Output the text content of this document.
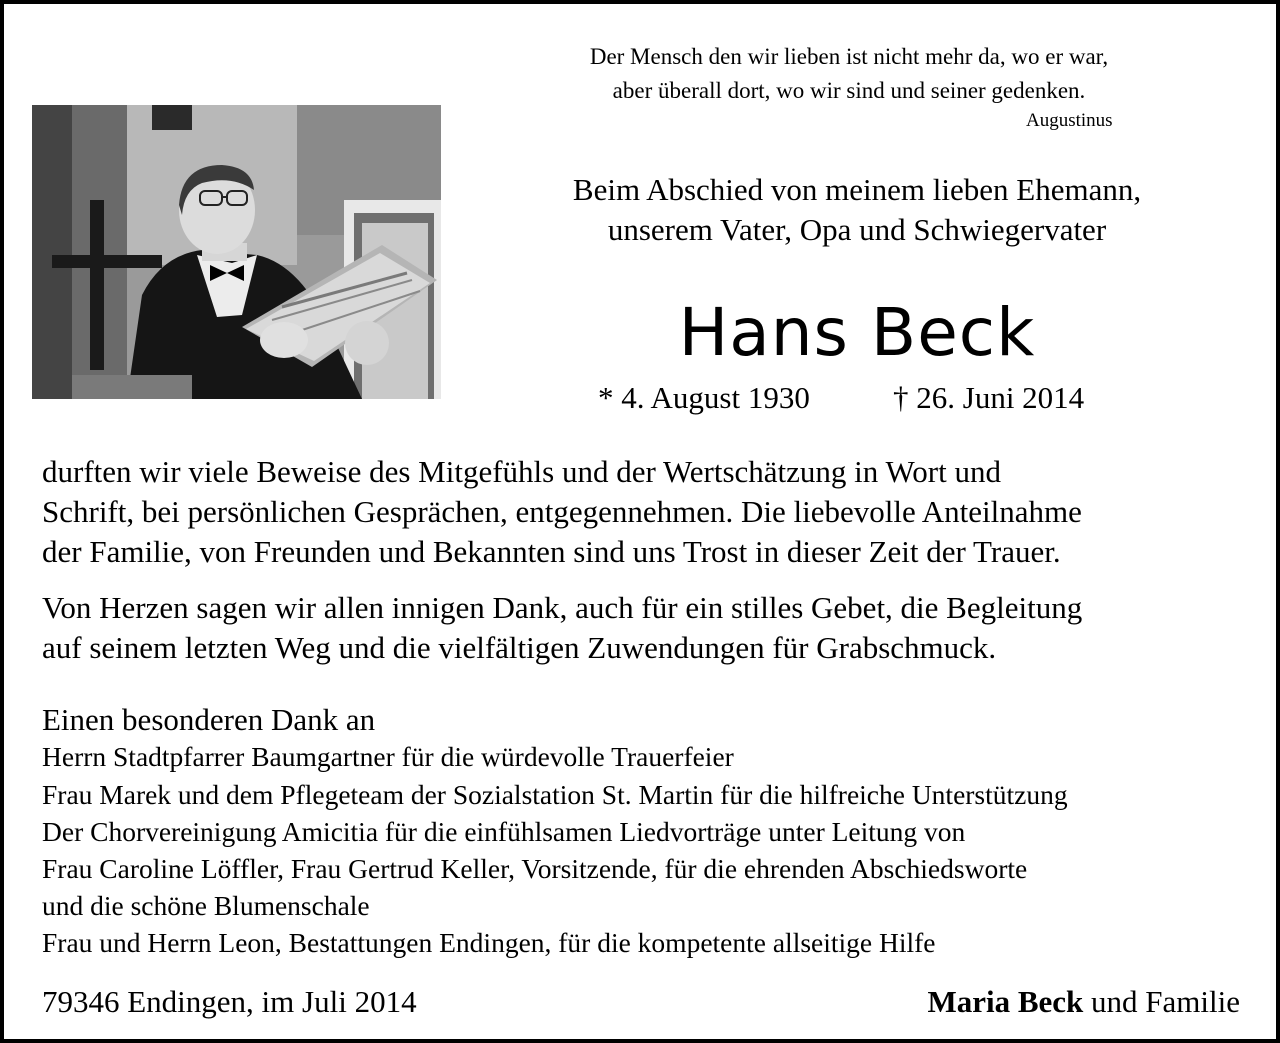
Der Mensch den wir lieben ist nicht mehr da, wo er war,
aber überall dort, wo wir sind und seiner gedenken.
Augustinus
Beim Abschied von meinem lieben Ehemann,
unserem Vater, Opa und Schwiegervater
Hans Beck
* 4. August 1930	† 26. Juni 2014
durften wir viele Beweise des Mitgefühls und der Wertschätzung in Wort und
Schrift, bei persönlichen Gesprächen, entgegennehmen. Die liebevolle Anteilnahme
der Familie, von Freunden und Bekannten sind uns Trost in dieser Zeit der Trauer.
Von Herzen sagen wir allen innigen Dank, auch für ein stilles Gebet, die Begleitung
auf seinem letzten Weg und die vielfältigen Zuwendungen für Grabschmuck.
Einen besonderen Dank an
Herrn Stadtpfarrer Baumgartner für die würdevolle Trauerfeier
Frau Marek und dem Pflegeteam der Sozialstation St. Martin für die hilfreiche Unterstützung
Der Chorvereinigung Amicitia für die einfühlsamen Liedvorträge unter Leitung von
Frau Caroline Löffler, Frau Gertrud Keller, Vorsitzende, für die ehrenden Abschiedsworte
und die schöne Blumenschale
Frau und Herrn Leon, Bestattungen Endingen, für die kompetente allseitige Hilfe
79346 Endingen, im Juli 2014	Maria Beck und Familie
